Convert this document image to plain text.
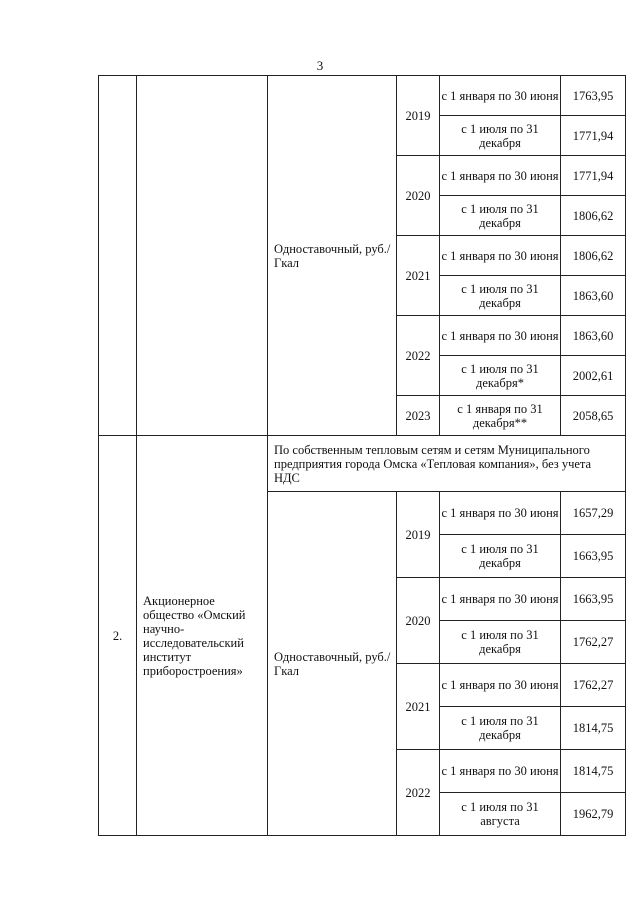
3
		Одноставочный, руб./Гкал	2019	с 1 января по 30 июня	1763,95
				с 1 июля по 31 декабря	1771,94
			2020	с 1 января по 30 июня	1771,94
				с 1 июля по 31 декабря	1806,62
			2021	с 1 января по 30 июня	1806,62
				с 1 июля по 31 декабря	1863,60
			2022	с 1 января по 30 июня	1863,60
				с 1 июля по 31 декабря*	2002,61
			2023	с 1 января по 31 декабря**	2058,65
2.	Акционерное общество «Омский научно-исследовательский институт приборостроения»	По собственным тепловым сетям и сетям Муниципального предприятия города Омска «Тепловая компания», без учета НДС			
		Одноставочный, руб./Гкал	2019	с 1 января по 30 июня	1657,29
				с 1 июля по 31 декабря	1663,95
			2020	с 1 января по 30 июня	1663,95
				с 1 июля по 31 декабря	1762,27
			2021	с 1 января по 30 июня	1762,27
				с 1 июля по 31 декабря	1814,75
			2022	с 1 января по 30 июня	1814,75
				с 1 июля по 31 августа	1962,79
